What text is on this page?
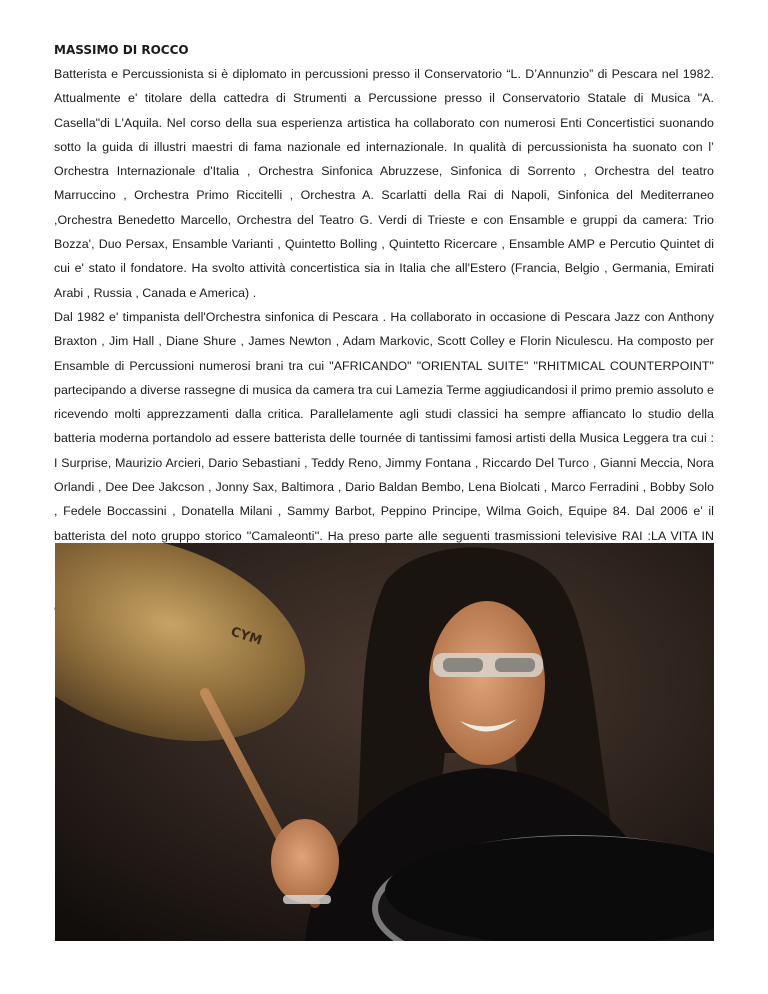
MASSIMO DI ROCCO

Batterista e Percussionista si è diplomato in percussioni presso il Conservatorio “L. D’Annunzio” di Pescara nel 1982. Attualmente e' titolare della cattedra di Strumenti a Percussione presso il Conservatorio Statale di Musica "A. Casella"di L'Aquila. Nel corso della sua esperienza artistica ha collaborato con numerosi Enti Concertistici suonando sotto la guida di illustri maestri di fama nazionale ed internazionale. In qualità di percussionista ha suonato con l’ Orchestra Internazionale d'Italia , Orchestra Sinfonica Abruzzese, Sinfonica di Sorrento , Orchestra del teatro Marruccino , Orchestra Primo Riccitelli , Orchestra A. Scarlatti della Rai di Napoli, Sinfonica del Mediterraneo ,Orchestra Benedetto Marcello, Orchestra del Teatro G. Verdi di Trieste e con Ensamble e gruppi da camera: Trio Bozza', Duo Persax, Ensamble Varianti , Quintetto Bolling , Quintetto Ricercare , Ensamble AMP e Percutio Quintet di cui e' stato il fondatore. Ha svolto attività concertistica sia in Italia che all'Estero (Francia, Belgio , Germania, Emirati Arabi , Russia , Canada e America) .

Dal 1982 e' timpanista dell'Orchestra sinfonica di Pescara . Ha collaborato in occasione di Pescara Jazz con Anthony Braxton , Jim Hall , Diane Shure , James Newton , Adam Markovic, Scott Colley e Florin Niculescu. Ha composto per Ensamble di Percussioni numerosi brani tra cui "AFRICANDO" "ORIENTAL SUITE" "RHITMICAL COUNTERPOINT" partecipando a diverse rassegne di musica da camera tra cui Lamezia Terme aggiudicandosi il primo premio assoluto e ricevendo molti apprezzamenti dalla critica. Parallelamente agli studi classici ha sempre affiancato lo studio della batteria moderna portandolo ad essere batterista delle tournée di tantissimi famosi artisti della Musica Leggera tra cui : I Surprise, Maurizio Arcieri, Dario Sebastiani , Teddy Reno, Jimmy Fontana , Riccardo Del Turco , Gianni Meccia, Nora Orlandi , Dee Dee Jakcson , Jonny Sax, Baltimora , Dario Baldan Bembo, Lena Biolcati , Marco Ferradini , Bobby Solo , Fedele Boccassini , Donatella Milani , Sammy Barbot, Peppino Principe, Wilma Goich, Equipe 84. Dal 2006 e' il batterista del noto gruppo storico ''Camaleonti''. Ha preso parte alle seguenti trasmissioni televisive RAI :LA VITA IN

CYM
